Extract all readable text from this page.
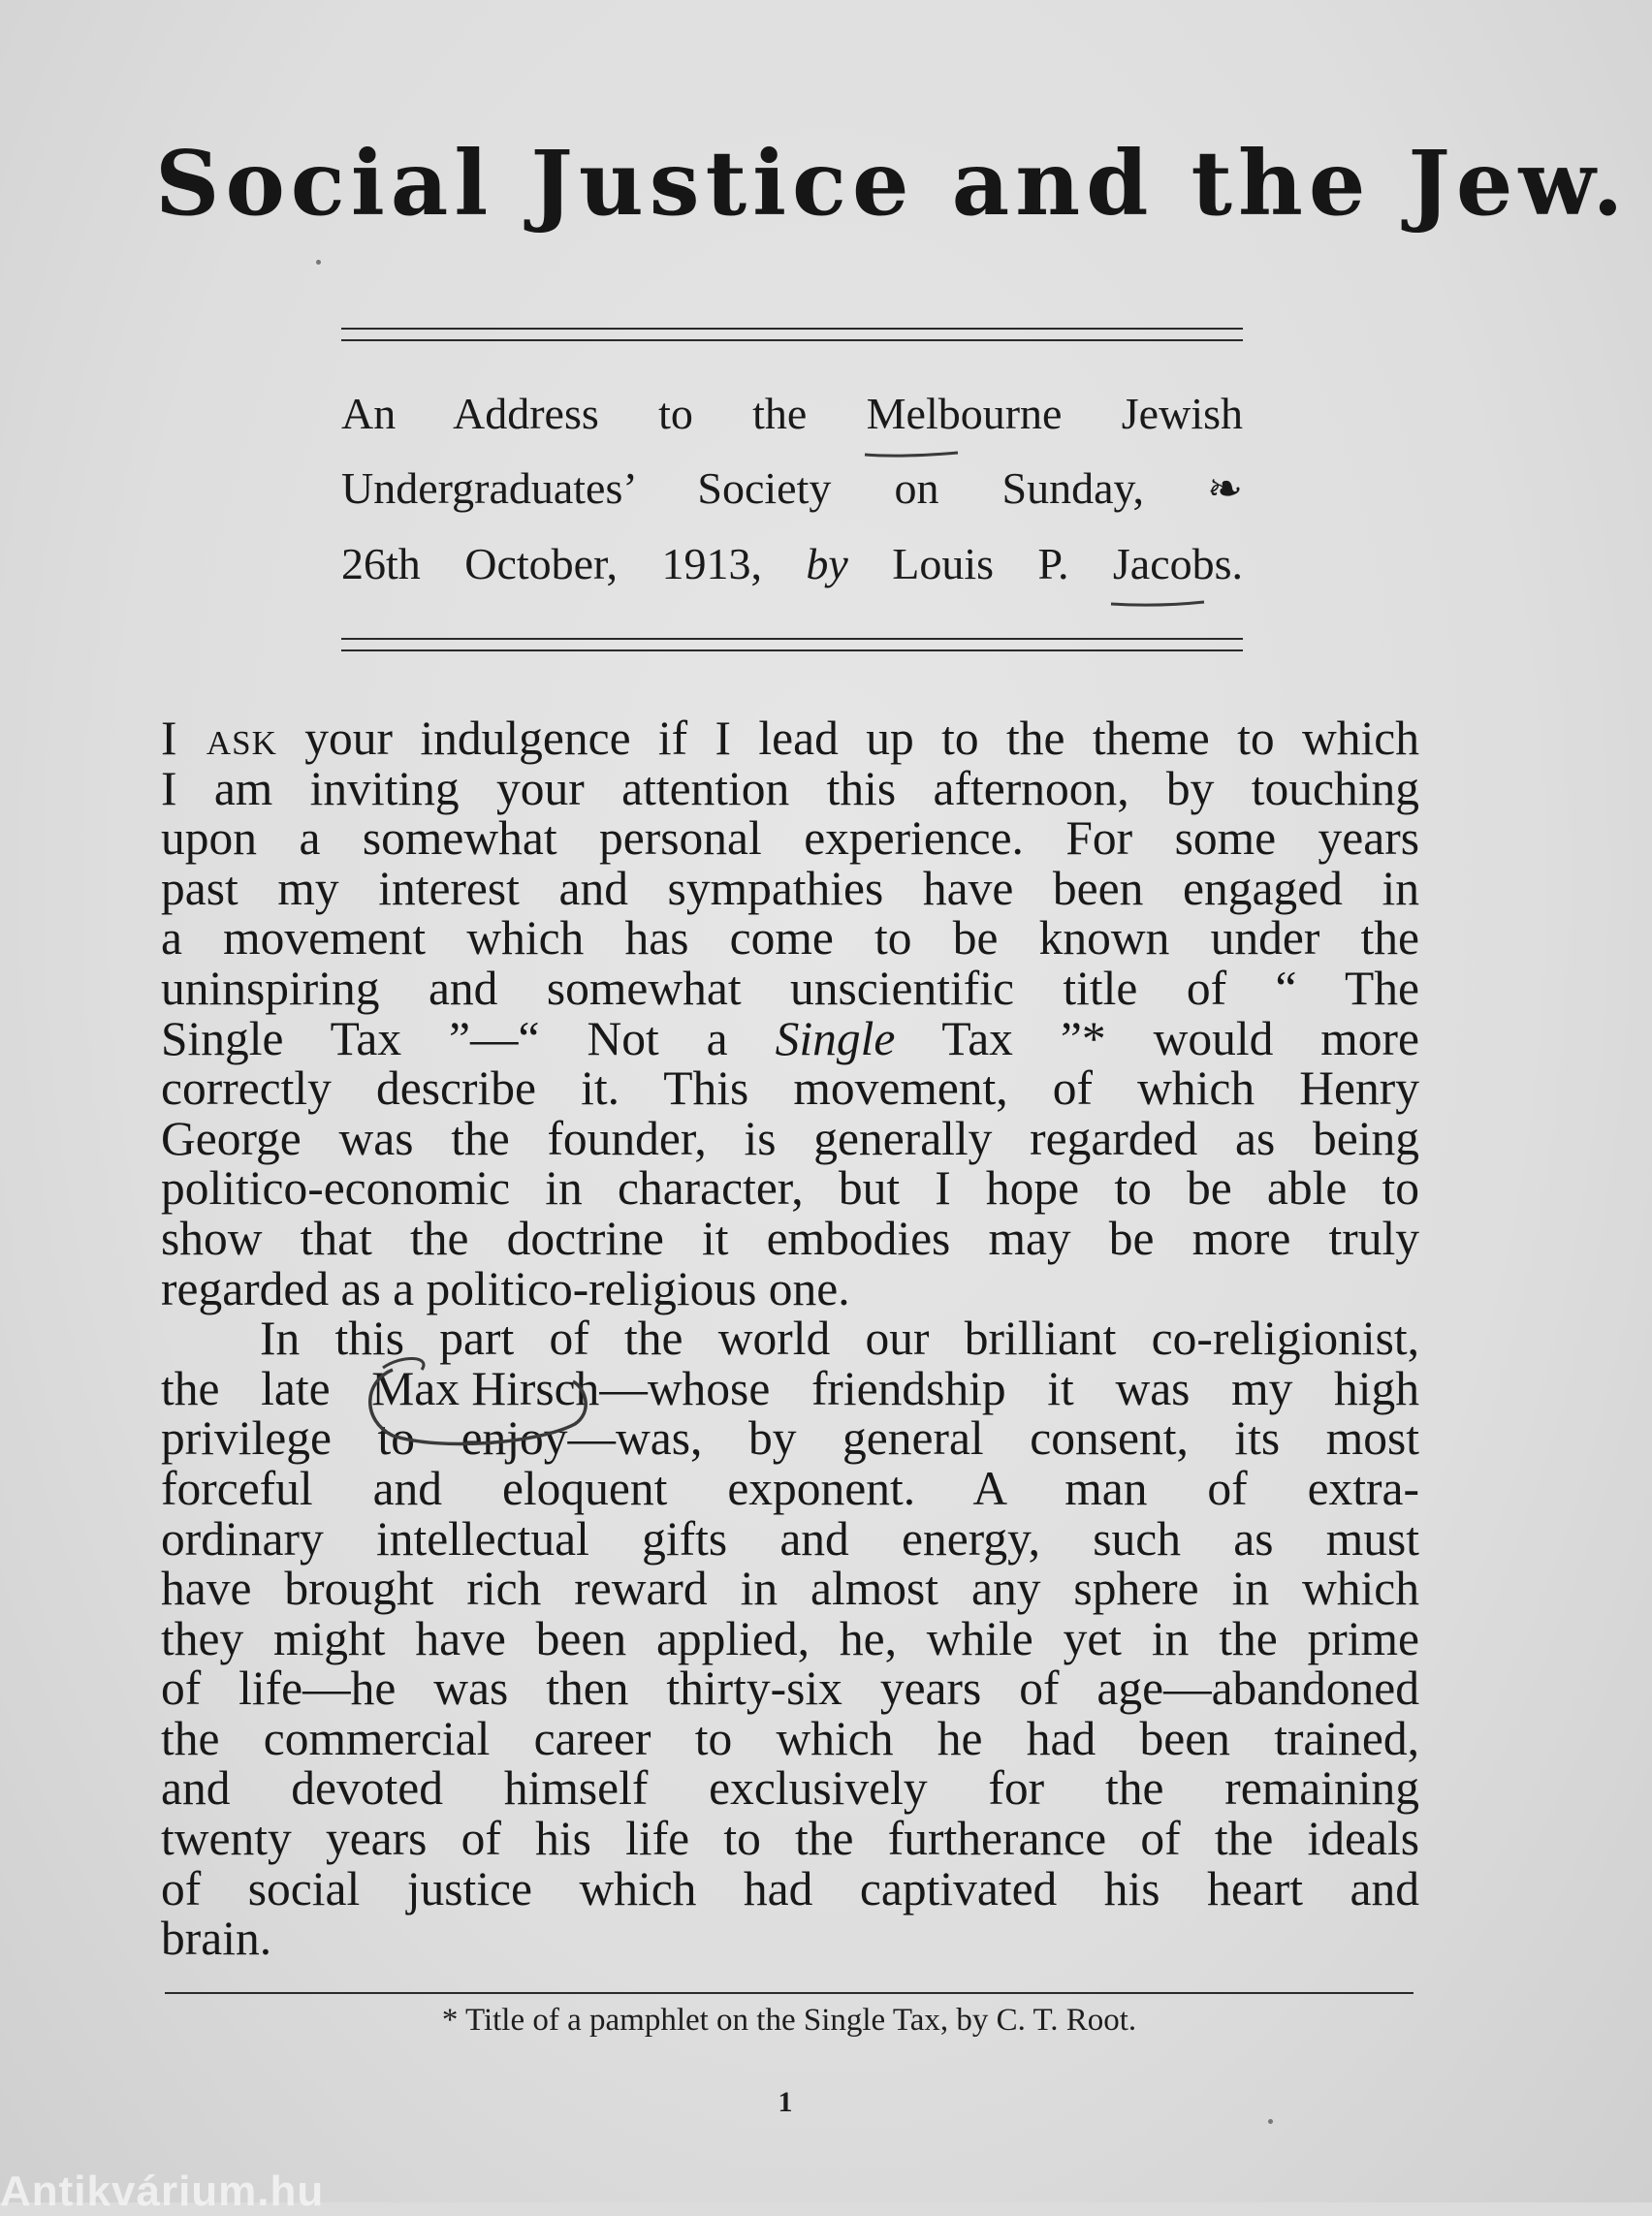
Social Justice and the Jew.
An Address to the Melbourne Jewish
Undergraduates’ Society on Sunday, ❧
26th October, 1913, by Louis P. Jacobs.
I ask your indulgence if I lead up to the theme to which
I am inviting your attention this afternoon, by touching
upon a somewhat personal experience. For some years
past my interest and sympathies have been engaged in
a movement which has come to be known under the
uninspiring and somewhat unscientific title of “ The
Single Tax ”—“ Not a Single Tax ”* would more
correctly describe it. This movement, of which Henry
George was the founder, is generally regarded as being
politico-economic in character, but I hope to be able to
show that the doctrine it embodies may be more truly
regarded as a politico-religious one.
In this part of the world our brilliant co-religionist,
the late Max Hirsch
—whose friendship it was my high
privilege to enjoy—was, by general consent, its most
forceful and eloquent exponent. A man of extra-
ordinary intellectual gifts and energy, such as must
have brought rich reward in almost any sphere in which
they might have been applied, he, while yet in the prime
of life—he was then thirty-six years of age—abandoned
the commercial career to which he had been trained,
and devoted himself exclusively for the remaining
twenty years of his life to the furtherance of the ideals
of social justice which had captivated his heart and
brain.
* Title of a pamphlet on the Single Tax, by C. T. Root.
1
Antikvárium.hu
